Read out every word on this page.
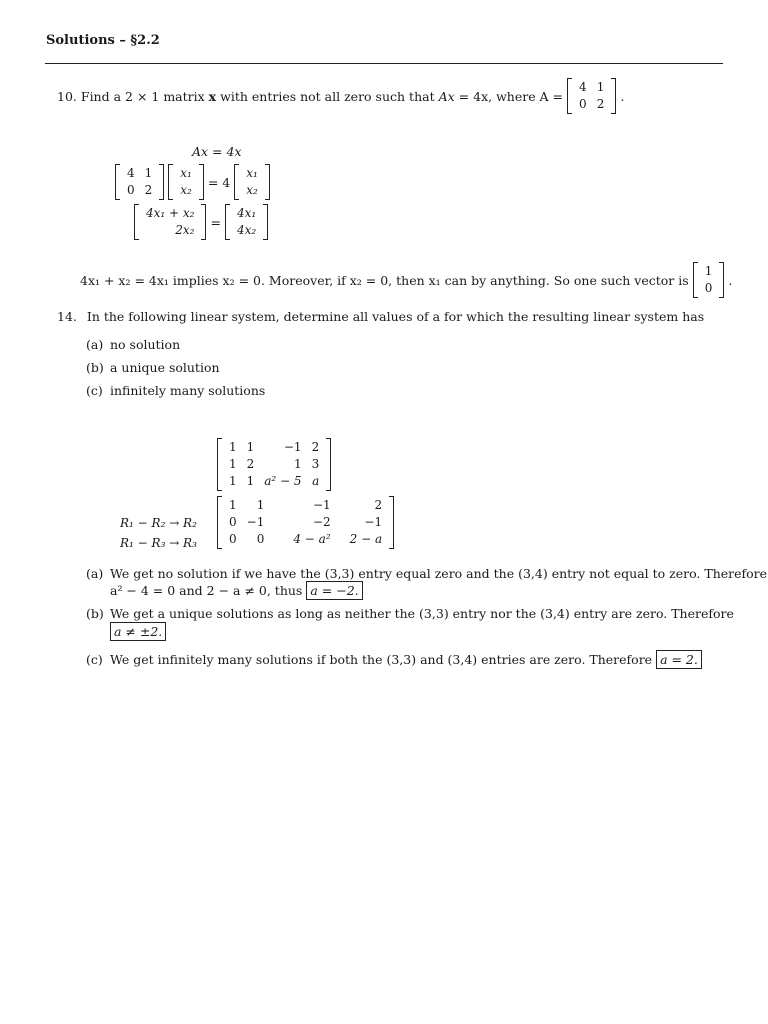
Solutions – §2.2
10. Find a 2 × 1 matrix x with entries not all zero such that Ax = 4x, where A =
4	1
0	2
.
Ax = 4x
4	1
0	2
x₁
x₂
= 4
x₁
x₂
4x₁ + x₂
2x₂
=
4x₁
4x₂
4x₁ + x₂ = 4x₁ implies x₂ = 0. Moreover, if x₂ = 0, then x₁ can by anything. So one such vector is
1
0
.
14. In the following linear system, determine all values of a for which the resulting linear system has
(a) no solution
(b) a unique solution
(c) infinitely many solutions
1	1	−1	2
1	2	1	3
1	1	a² − 5	a
R₁ − R₂ → R₂
R₁ − R₃ → R₃
1	1	−1	2
0	−1	−2	−1
0	0	4 − a²	2 − a
(a) We get no solution if we have the (3,3) entry equal zero and the (3,4) entry not equal to zero. Therefore
a² − 4 = 0 and 2 − a ≠ 0, thus a = −2.
(b) We get a unique solutions as long as neither the (3,3) entry nor the (3,4) entry are zero. Therefore
a ≠ ±2.
(c) We get infinitely many solutions if both the (3,3) and (3,4) entries are zero. Therefore a = 2.
